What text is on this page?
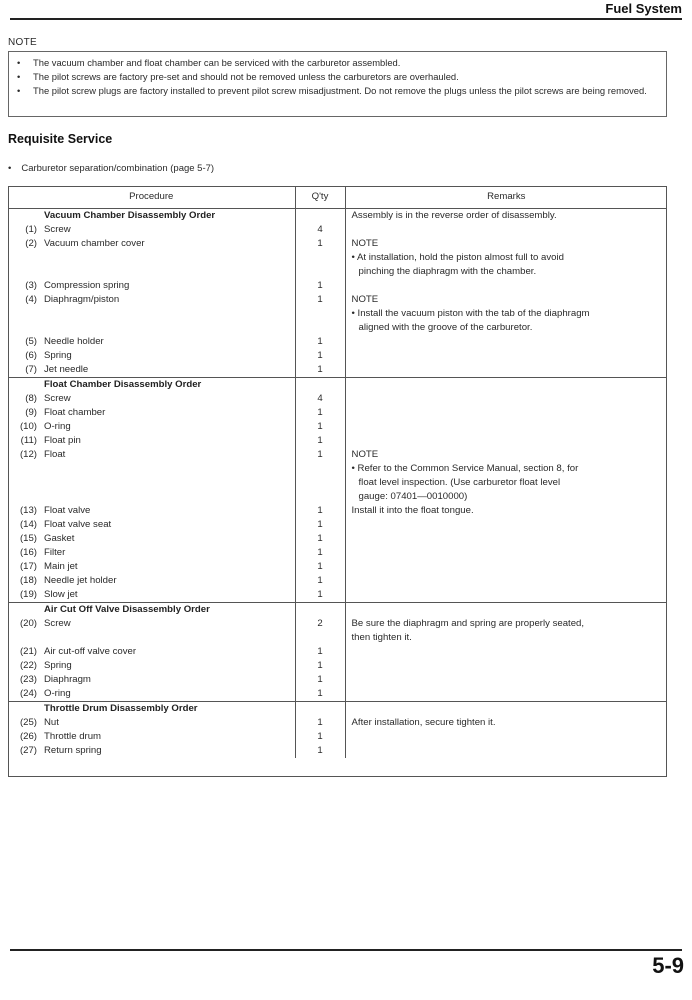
Fuel System
NOTE
• The vacuum chamber and float chamber can be serviced with the carburetor assembled.
• The pilot screws are factory pre-set and should not be removed unless the carburetors are overhauled.
• The pilot screw plugs are factory installed to prevent pilot screw misadjustment. Do not remove the plugs unless the pilot screws are being removed.
Requisite Service
• Carburetor separation/combination (page 5-7)
Procedure		Q'ty	Remarks
	Vacuum Chamber Disassembly Order		Assembly is in the reverse order of disassembly.
(1)	Screw	4	
(2)	Vacuum chamber cover	1	NOTE
• At installation, hold the piston almost full to avoid
pinching the diaphragm with the chamber.

(3)	Compression spring	1	
(4)	Diaphragm/piston	1	NOTE
• Install the vacuum piston with the tab of the diaphragm
aligned with the groove of the carburetor.

(5)	Needle holder	1	
(6)	Spring	1	
(7)	Jet needle	1	
	Float Chamber Disassembly Order		
(8)	Screw	4	
(9)	Float chamber	1	
(10)	O-ring	1	
(11)	Float pin	1	
(12)	Float	1	NOTE
• Refer to the Common Service Manual, section 8, for
float level inspection. (Use carburetor float level
gauge: 07401—0010000)

(13)	Float valve	1	Install it into the float tongue.

(14)	Float valve seat	1	
(15)	Gasket	1	
(16)	Filter	1	
(17)	Main jet	1	
(18)	Needle jet holder	1	
(19)	Slow jet	1	
	Air Cut Off Valve Disassembly Order		
(20)	Screw	2	Be sure the diaphragm and spring are properly seated,
then tighten it.

(21)	Air cut-off valve cover	1	
(22)	Spring	1	
(23)	Diaphragm	1	
(24)	O-ring	1	
	Throttle Drum Disassembly Order		
(25)	Nut	1	After installation, secure tighten it.

(26)	Throttle drum	1	
(27)	Return spring	1	
5-9
